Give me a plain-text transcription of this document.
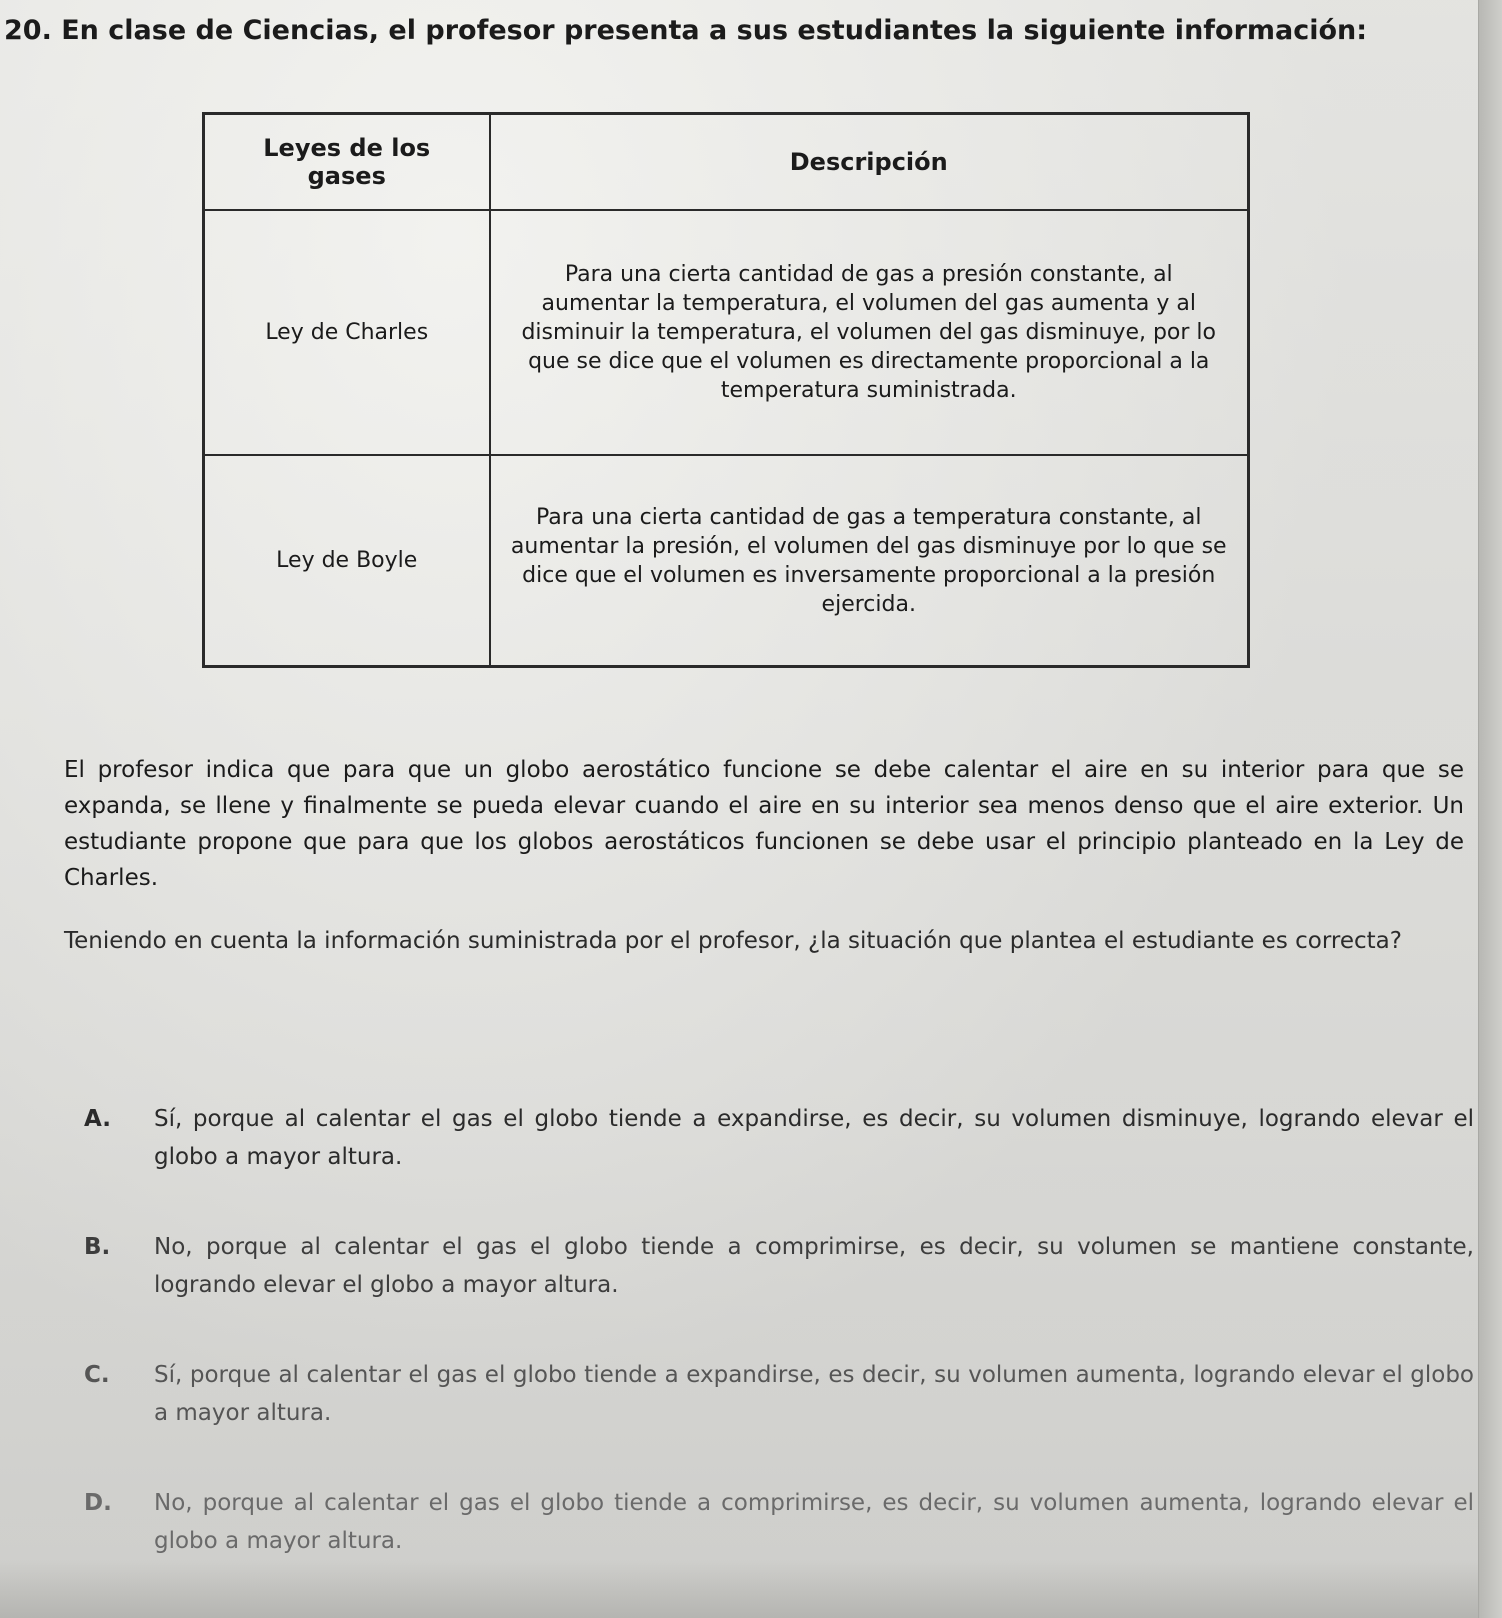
20. En clase de Ciencias, el profesor presenta a sus estudiantes la siguiente información:
Leyes de los gases	Descripción
Ley de Charles	Para una cierta cantidad de gas a presión constante, al aumentar la temperatura, el volumen del gas aumenta y al disminuir la temperatura, el volumen del gas disminuye, por lo que se dice que el volumen es directamente proporcional a la temperatura suministrada.
Ley de Boyle	Para una cierta cantidad de gas a temperatura constante, al aumentar la presión, el volumen del gas disminuye por lo que se dice que el volumen es inversamente proporcional a la presión ejercida.
El profesor indica que para que un globo aerostático funcione se debe calentar el aire en su interior para que se expanda, se llene y finalmente se pueda elevar cuando el aire en su interior sea menos denso que el aire exterior. Un estudiante propone que para que los globos aerostáticos funcionen se debe usar el principio planteado en la Ley de Charles.
Teniendo en cuenta la información suministrada por el profesor, ¿la situación que plantea el estudiante es correcta?
A.	Sí, porque al calentar el gas el globo tiende a expandirse, es decir, su volumen disminuye, logrando elevar el globo a mayor altura.
B.	No, porque al calentar el gas el globo tiende a comprimirse, es decir, su volumen se mantiene constante, logrando elevar el globo a mayor altura.
C.	Sí, porque al calentar el gas el globo tiende a expandirse, es decir, su volumen aumenta, logrando elevar el globo a mayor altura.
D.	No, porque al calentar el gas el globo tiende a comprimirse, es decir, su volumen aumenta, logrando elevar el globo a mayor altura.
